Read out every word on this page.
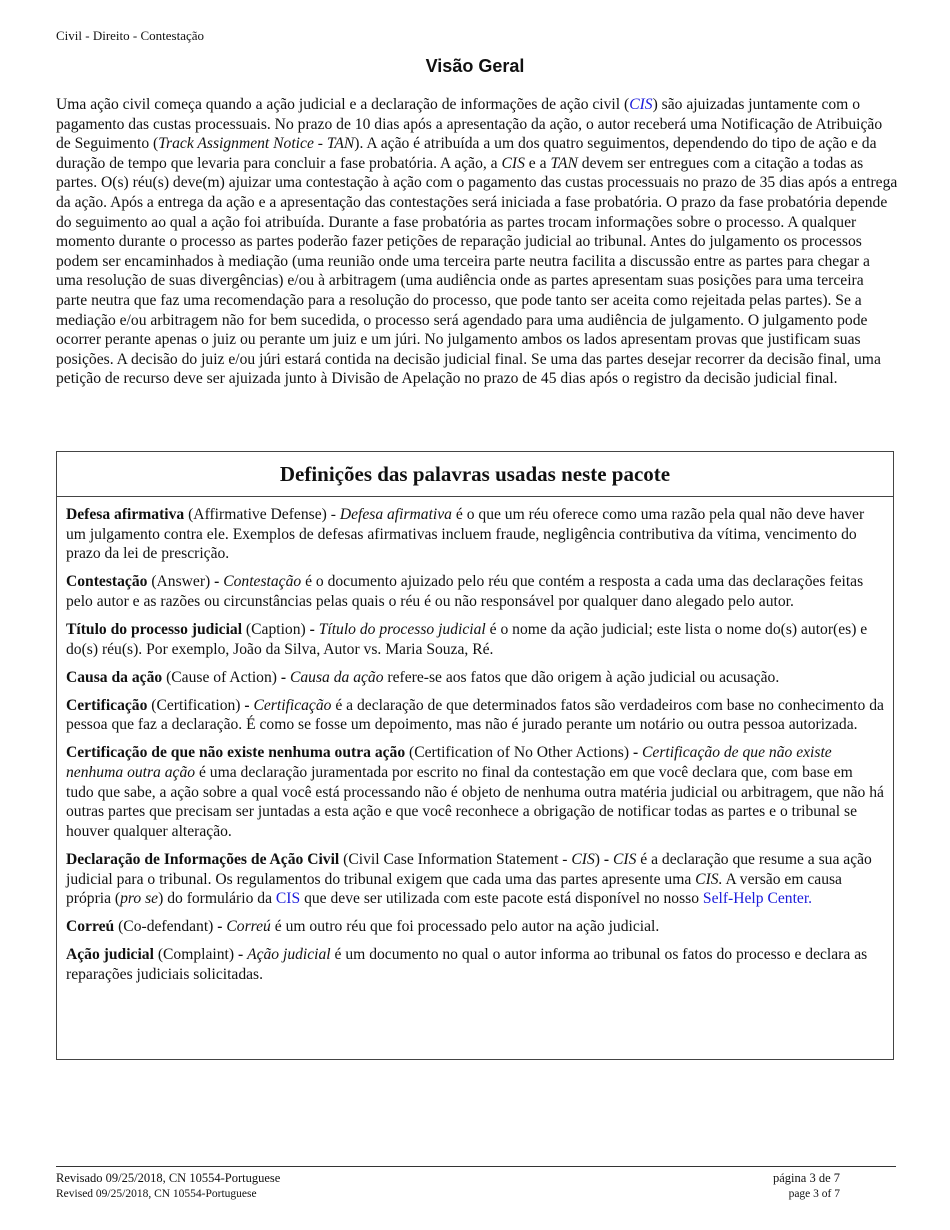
Civil - Direito - Contestação
Visão Geral
Uma ação civil começa quando a ação judicial e a declaração de informações de ação civil (CIS) são ajuizadas juntamente com o pagamento das custas processuais. No prazo de 10 dias após a apresentação da ação, o autor receberá uma Notificação de Atribuição de Seguimento (Track Assignment Notice - TAN). A ação é atribuída a um dos quatro seguimentos, dependendo do tipo de ação e da duração de tempo que levaria para concluir a fase probatória. A ação, a CIS e a TAN devem ser entregues com a citação a todas as partes. O(s) réu(s) deve(m) ajuizar uma contestação à ação com o pagamento das custas processuais no prazo de 35 dias após a entrega da ação. Após a entrega da ação e a apresentação das contestações será iniciada a fase probatória. O prazo da fase probatória depende do seguimento ao qual a ação foi atribuída. Durante a fase probatória as partes trocam informações sobre o processo. A qualquer momento durante o processo as partes poderão fazer petições de reparação judicial ao tribunal. Antes do julgamento os processos podem ser encaminhados à mediação (uma reunião onde uma terceira parte neutra facilita a discussão entre as partes para chegar a uma resolução de suas divergências) e/ou à arbitragem (uma audiência onde as partes apresentam suas posições para uma terceira parte neutra que faz uma recomendação para a resolução do processo, que pode tanto ser aceita como rejeitada pelas partes). Se a mediação e/ou arbitragem não for bem sucedida, o processo será agendado para uma audiência de julgamento. O julgamento pode ocorrer perante apenas o juiz ou perante um juiz e um júri. No julgamento ambos os lados apresentam provas que justificam suas posições. A decisão do juiz e/ou júri estará contida na decisão judicial final. Se uma das partes desejar recorrer da decisão final, uma petição de recurso deve ser ajuizada junto à Divisão de Apelação no prazo de 45 dias após o registro da decisão judicial final.
Definições das palavras usadas neste pacote

Defesa afirmativa (Affirmative Defense) - Defesa afirmativa é o que um réu oferece como uma razão pela qual não deve haver um julgamento contra ele. Exemplos de defesas afirmativas incluem fraude, negligência contributiva da vítima, vencimento do prazo da lei de prescrição.

Contestação (Answer) - Contestação é o documento ajuizado pelo réu que contém a resposta a cada uma das declarações feitas pelo autor e as razões ou circunstâncias pelas quais o réu é ou não responsável por qualquer dano alegado pelo autor.

Título do processo judicial (Caption) - Título do processo judicial é o nome da ação judicial; este lista o nome do(s) autor(es) e do(s) réu(s). Por exemplo, João da Silva, Autor vs. Maria Souza, Ré.

Causa da ação (Cause of Action) - Causa da ação refere-se aos fatos que dão origem à ação judicial ou acusação.

Certificação (Certification) - Certificação é a declaração de que determinados fatos são verdadeiros com base no conhecimento da pessoa que faz a declaração. É como se fosse um depoimento, mas não é jurado perante um notário ou outra pessoa autorizada.

Certificação de que não existe nenhuma outra ação (Certification of No Other Actions) - Certificação de que não existe nenhuma outra ação é uma declaração juramentada por escrito no final da contestação em que você declara que, com base em tudo que sabe, a ação sobre a qual você está processando não é objeto de nenhuma outra matéria judicial ou arbitragem, que não há outras partes que precisam ser juntadas a esta ação e que você reconhece a obrigação de notificar todas as partes e o tribunal se houver qualquer alteração.

Declaração de Informações de Ação Civil (Civil Case Information Statement - CIS) - CIS é a declaração que resume a sua ação judicial para o tribunal. Os regulamentos do tribunal exigem que cada uma das partes apresente uma CIS. A versão em causa própria (pro se) do formulário da CIS que deve ser utilizada com este pacote está disponível no nosso Self-Help Center.

Correú (Co-defendant) - Correú é um outro réu que foi processado pelo autor na ação judicial.

Ação judicial (Complaint) - Ação judicial é um documento no qual o autor informa ao tribunal os fatos do processo e declara as reparações judiciais solicitadas.

Revisado 09/25/2018, CN 10554-Portuguese
Revised 09/25/2018, CN 10554-Portuguese
página 3 de 7
page 3 of 7
